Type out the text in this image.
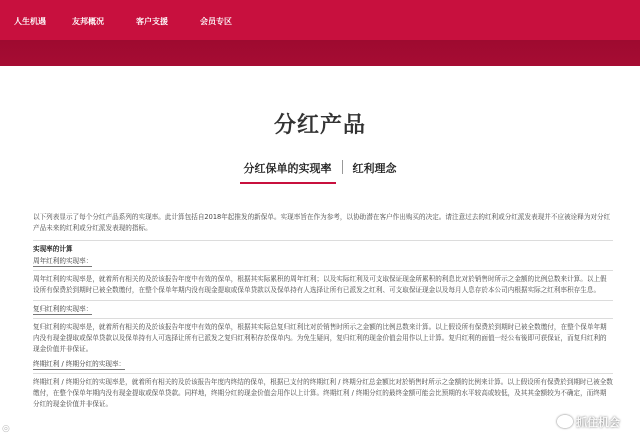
人生机遇	友邦概况	客户支援	会员专区
分红产品
分红保单的实现率 红利理念

以下列表显示了每个分红产品系列的实现率。此计算包括自2018年起推发的新保单。实现率旨在作为参考，以协助潜在客户作出购买的决定。请注意过去的红利或分红派发表现并不应被诠释为对分红产品未来的红利或分红派发表现的指标。

实现率的计算

周年红利的实现率：

周年红利的实现率是，就着所有相关的及於该报告年度中有效的保单，根据其实际累积的周年红利；以及实际红利及可支取保证现金所累积的利息比对於销售时所示之金额的比例总数来计算。以上假设所有保费於到期时已被全数缴付，在整个保单年期内没有现金提取或保单贷款以及保单持有人选择让所有已派发之红利、可支取保证现金以及每月人息存於本公司内根据实际之红利率积存生息。

复归红利的实现率：

复归红利的实现率是，就着所有相关的及於该报告年度中有效的保单，根据其实际总复归红利比对於销售时所示之金额的比例总数来计算。以上假设所有保费於到期时已被全数缴付，在整个保单年期内没有现金提取或保单贷款以及保单持有人可选择让所有已派发之复归红利积存於保单内。为免生疑问，复归红利的现金价值会用作以上计算。复归红利的面值一经公布後即可获保证，而复归红利的现金价值并非保证。

终期红利 / 终期分红的实现率：

终期红利 / 终期分红的实现率是，就着所有相关的及於该报告年度内终结的保单，根据已支付的终期红利 / 终期分红总金额比对於销售时所示之金额的比例来计算。以上假设所有保费於到期时已被全数缴付，在整个保单年期内没有现金提取或保单贷款。同样地，终期分红的现金价值会用作以上计算。终期红利 / 终期分红的最终金额可能会比预期的水平较高或较低，及其其金额较为不确定，而终期分红的现金价值并非保证。

◎	抓住机会
